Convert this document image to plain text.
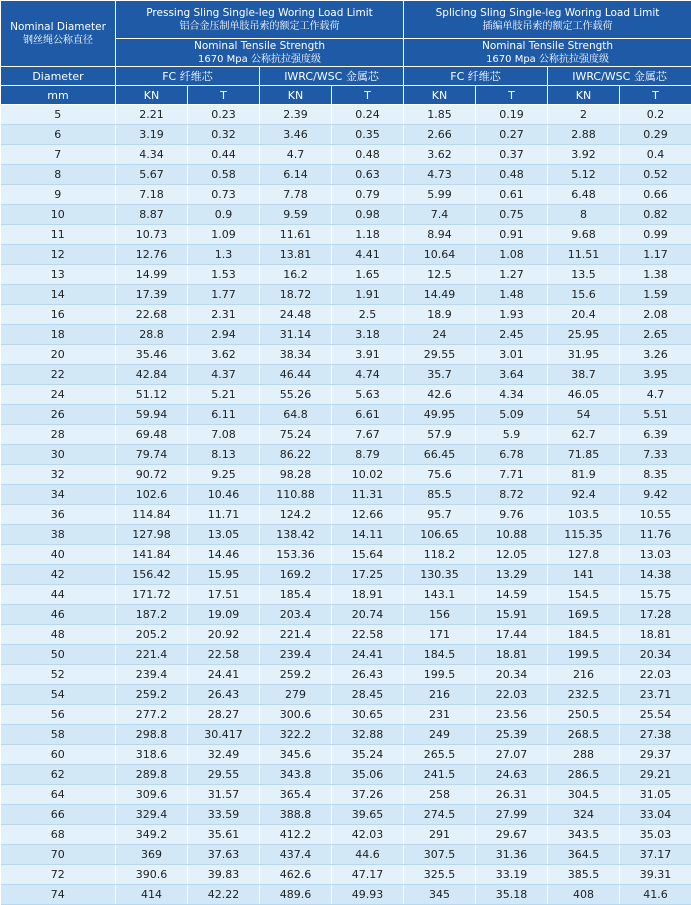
Nominal Diameter
钢丝绳公称直径	Pressing Sling Single-leg Woring Load Limit
铝合金压制单肢吊索的额定工作载荷				Splicing Sling Single-leg Woring Load Limit
插编单肢吊索的额定工作载荷			

	Nominal Tensile Strength
1670 Mpa 公称抗拉强度级				Nominal Tensile Strength
1670 Mpa 公称抗拉强度级			

Diameter	FC 纤维芯		IWRC/WSC 金属芯		FC 纤维芯		IWRC/WSC 金属芯	
mm	KN	T	KN	T	KN	T	KN	T
5	2.21	0.23	2.39	0.24	1.85	0.19	2	0.2
6	3.19	0.32	3.46	0.35	2.66	0.27	2.88	0.29
7	4.34	0.44	4.7	0.48	3.62	0.37	3.92	0.4
8	5.67	0.58	6.14	0.63	4.73	0.48	5.12	0.52
9	7.18	0.73	7.78	0.79	5.99	0.61	6.48	0.66
10	8.87	0.9	9.59	0.98	7.4	0.75	8	0.82
11	10.73	1.09	11.61	1.18	8.94	0.91	9.68	0.99
12	12.76	1.3	13.81	4.41	10.64	1.08	11.51	1.17
13	14.99	1.53	16.2	1.65	12.5	1.27	13.5	1.38
14	17.39	1.77	18.72	1.91	14.49	1.48	15.6	1.59
16	22.68	2.31	24.48	2.5	18.9	1.93	20.4	2.08
18	28.8	2.94	31.14	3.18	24	2.45	25.95	2.65
20	35.46	3.62	38.34	3.91	29.55	3.01	31.95	3.26
22	42.84	4.37	46.44	4.74	35.7	3.64	38.7	3.95
24	51.12	5.21	55.26	5.63	42.6	4.34	46.05	4.7
26	59.94	6.11	64.8	6.61	49.95	5.09	54	5.51
28	69.48	7.08	75.24	7.67	57.9	5.9	62.7	6.39
30	79.74	8.13	86.22	8.79	66.45	6.78	71.85	7.33
32	90.72	9.25	98.28	10.02	75.6	7.71	81.9	8.35
34	102.6	10.46	110.88	11.31	85.5	8.72	92.4	9.42
36	114.84	11.71	124.2	12.66	95.7	9.76	103.5	10.55
38	127.98	13.05	138.42	14.11	106.65	10.88	115.35	11.76
40	141.84	14.46	153.36	15.64	118.2	12.05	127.8	13.03
42	156.42	15.95	169.2	17.25	130.35	13.29	141	14.38
44	171.72	17.51	185.4	18.91	143.1	14.59	154.5	15.75
46	187.2	19.09	203.4	20.74	156	15.91	169.5	17.28
48	205.2	20.92	221.4	22.58	171	17.44	184.5	18.81
50	221.4	22.58	239.4	24.41	184.5	18.81	199.5	20.34
52	239.4	24.41	259.2	26.43	199.5	20.34	216	22.03
54	259.2	26.43	279	28.45	216	22.03	232.5	23.71
56	277.2	28.27	300.6	30.65	231	23.56	250.5	25.54
58	298.8	30.417	322.2	32.88	249	25.39	268.5	27.38
60	318.6	32.49	345.6	35.24	265.5	27.07	288	29.37
62	289.8	29.55	343.8	35.06	241.5	24.63	286.5	29.21
64	309.6	31.57	365.4	37.26	258	26.31	304.5	31.05
66	329.4	33.59	388.8	39.65	274.5	27.99	324	33.04
68	349.2	35.61	412.2	42.03	291	29.67	343.5	35.03
70	369	37.63	437.4	44.6	307.5	31.36	364.5	37.17
72	390.6	39.83	462.6	47.17	325.5	33.19	385.5	39.31
74	414	42.22	489.6	49.93	345	35.18	408	41.6
